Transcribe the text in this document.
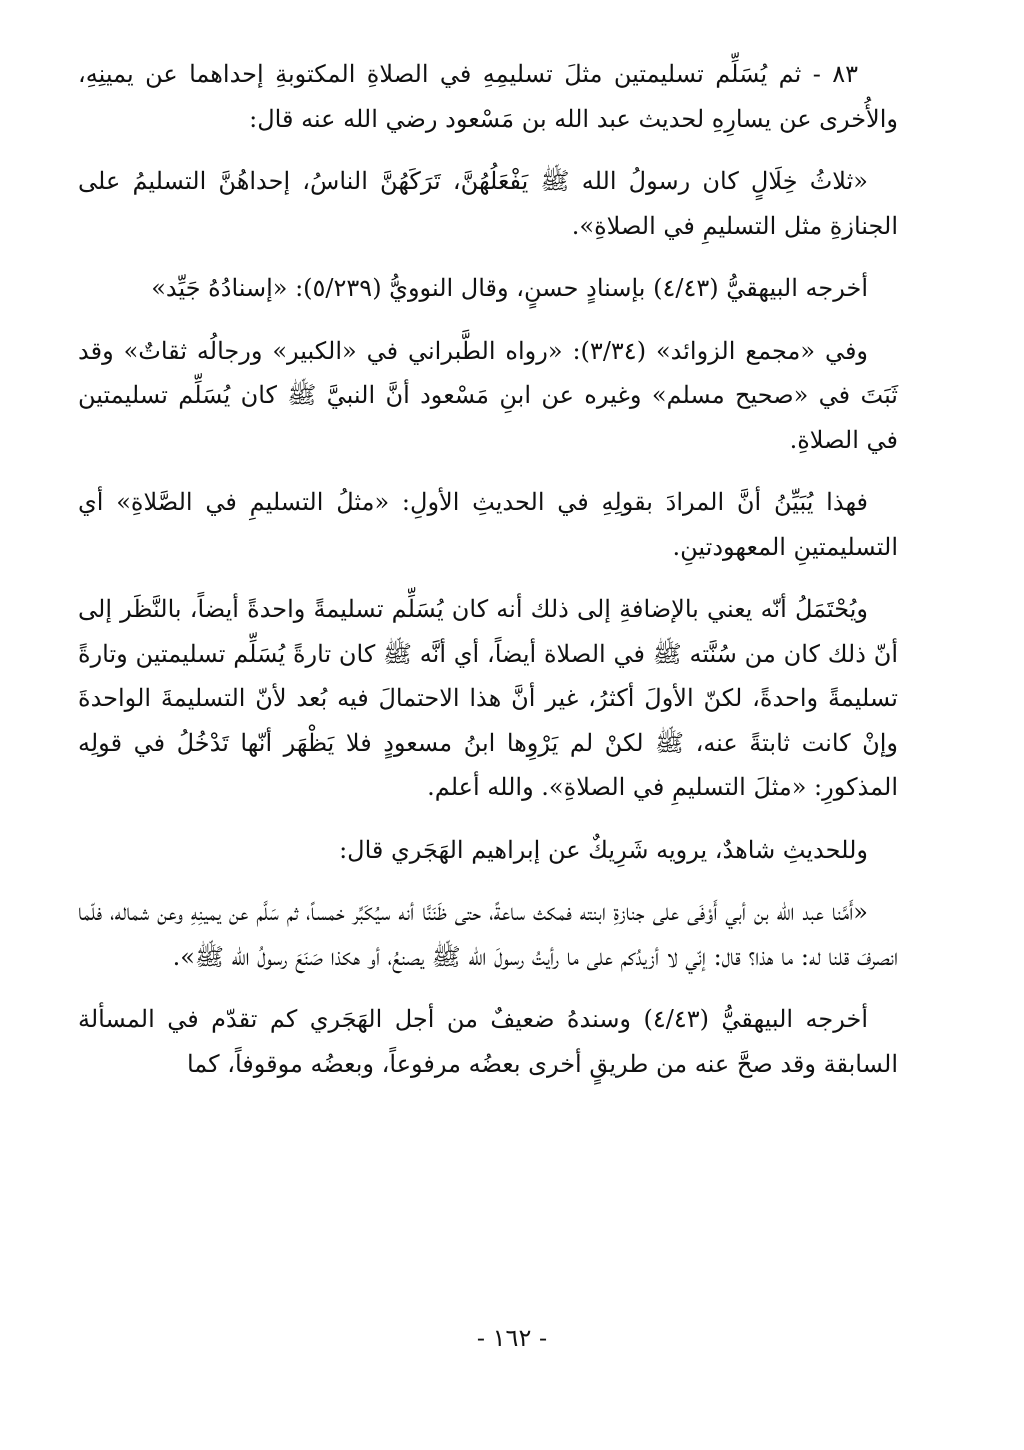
٨٣ - ثم يُسَلِّم تسليمتين مثلَ تسليمِهِ في الصلاةِ المكتوبةِ إحداهما عن يمينِهِ، والأُخرى عن يسارِهِ لحديث عبد الله بن مَسْعود رضي الله عنه قال:

«ثلاثُ خِلَالٍ كان رسولُ الله ﷺ يَفْعَلُهُنَّ، تَرَكَهُنَّ الناسُ، إحداهُنَّ التسليمُ على الجنازةِ مثل التسليمِ في الصلاةِ».

أخرجه البيهقيُّ (٤/٤٣) بإسنادٍ حسنٍ، وقال النوويُّ (٥/٢٣٩): «إسنادُهُ جَيِّد»

وفي «مجمع الزوائد» (٣/٣٤): «رواه الطَّبراني في «الكبير» ورجالُه ثقاتٌ» وقد ثَبَتَ في «صحيح مسلم» وغيره عن ابنِ مَسْعود أنَّ النبيَّ ﷺ كان يُسَلِّم تسليمتين في الصلاةِ.

فهذا يُبَيِّنُ أنَّ المرادَ بقولِهِ في الحديثِ الأولِ: «مثلُ التسليمِ في الصَّلاةِ» أي التسليمتينِ المعهودتينِ.

ويُحْتَمَلُ أنّه يعني بالإضافةِ إلى ذلك أنه كان يُسَلِّم تسليمةً واحدةً أيضاً، بالنَّظَر إلى أنّ ذلك كان من سُنَّته ﷺ في الصلاة أيضاً، أي أنَّه ﷺ كان تارةً يُسَلِّم تسليمتين وتارةً تسليمةً واحدةً، لكنّ الأولَ أكثرُ، غير أنَّ هذا الاحتمالَ فيه بُعد لأنّ التسليمةَ الواحدةَ وإنْ كانت ثابتةً عنه، ﷺ لكنْ لم يَرْوِها ابنُ مسعودٍ فلا يَظْهَر أنّها تَدْخُلُ في قولِه المذكورِ: «مثلَ التسليمِ في الصلاةِ». والله أعلم.

وللحديثِ شاهدٌ، يرويه شَرِيكٌ عن إبراهيم الهَجَري قال:

«أَمَّنا عبد الله بن أبي أَوْفَى على جنازةِ ابنته فمكث ساعةً، حتى ظَنَنَّا أنه سيُكَبِّر خمساً، ثم سَلَّم عن يمينِهِ وعن شماله، فلّما انصرفَ قلنا له: ما هذا؟ قال: إنّي لا أزيدُكم على ما رأيتُ رسولَ الله ﷺ يصنعُ، أو هكذا صَنَعَ رسولُ الله ﷺ».

أخرجه البيهقيُّ (٤/٤٣) وسندهُ ضعيفٌ من أجل الهَجَري كم تقدّم في المسألة السابقة وقد صحَّ عنه من طريقٍ أخرى بعضُه مرفوعاً، وبعضُه موقوفاً، كما

- ١٦٢ -
